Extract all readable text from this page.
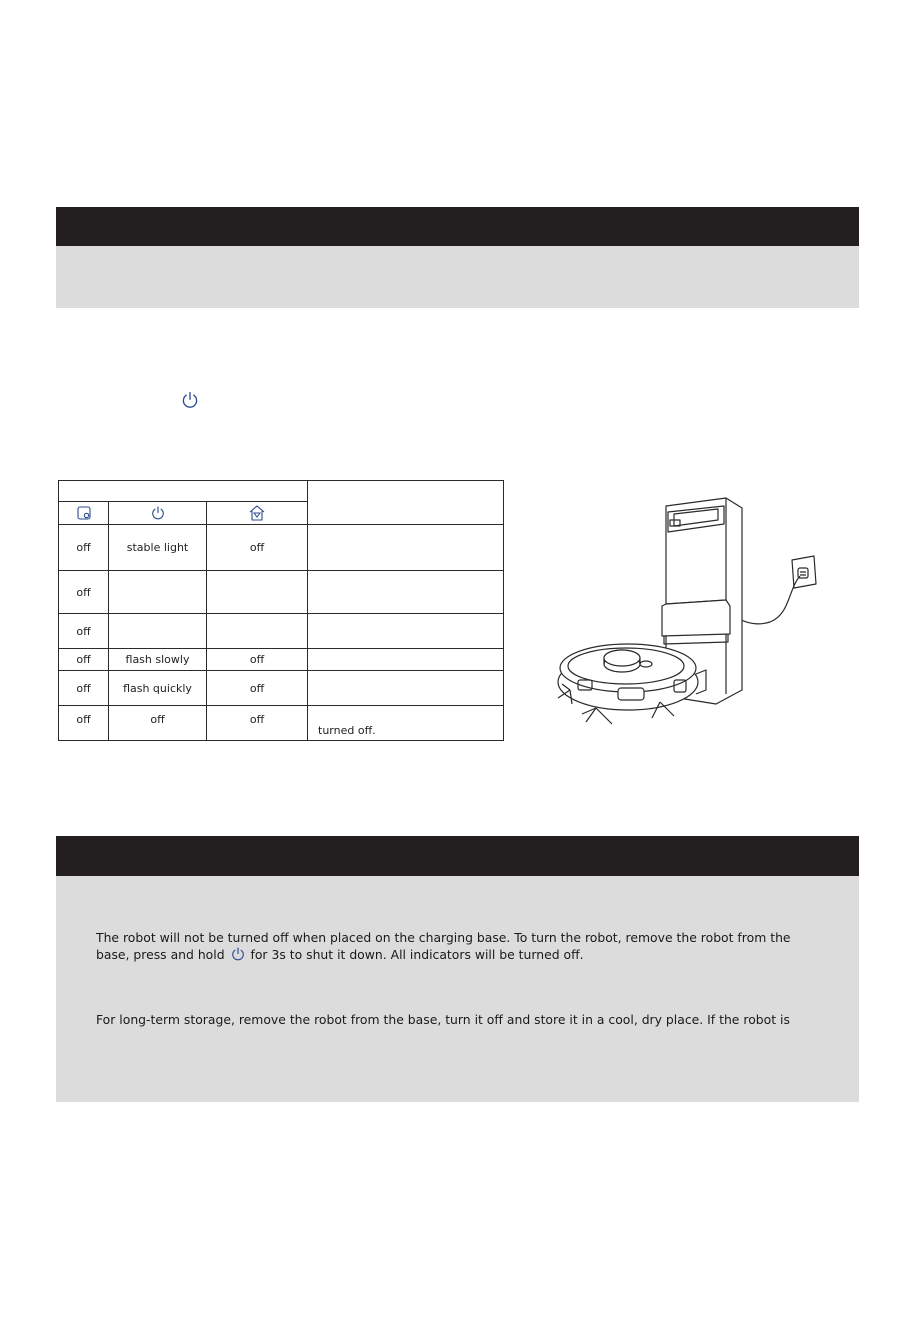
off	stable light	off	
off			
off			
off	flash slowly	off	
off	flash quickly	off	
off	off	off	turned off.
The robot will not be turned off when placed on the charging base. To turn the robot, remove the robot from the
base, press and hold for 3s to shut it down. All indicators will be turned off.
For long-term storage, remove the robot from the base, turn it off and store it in a cool, dry place. If the robot is
